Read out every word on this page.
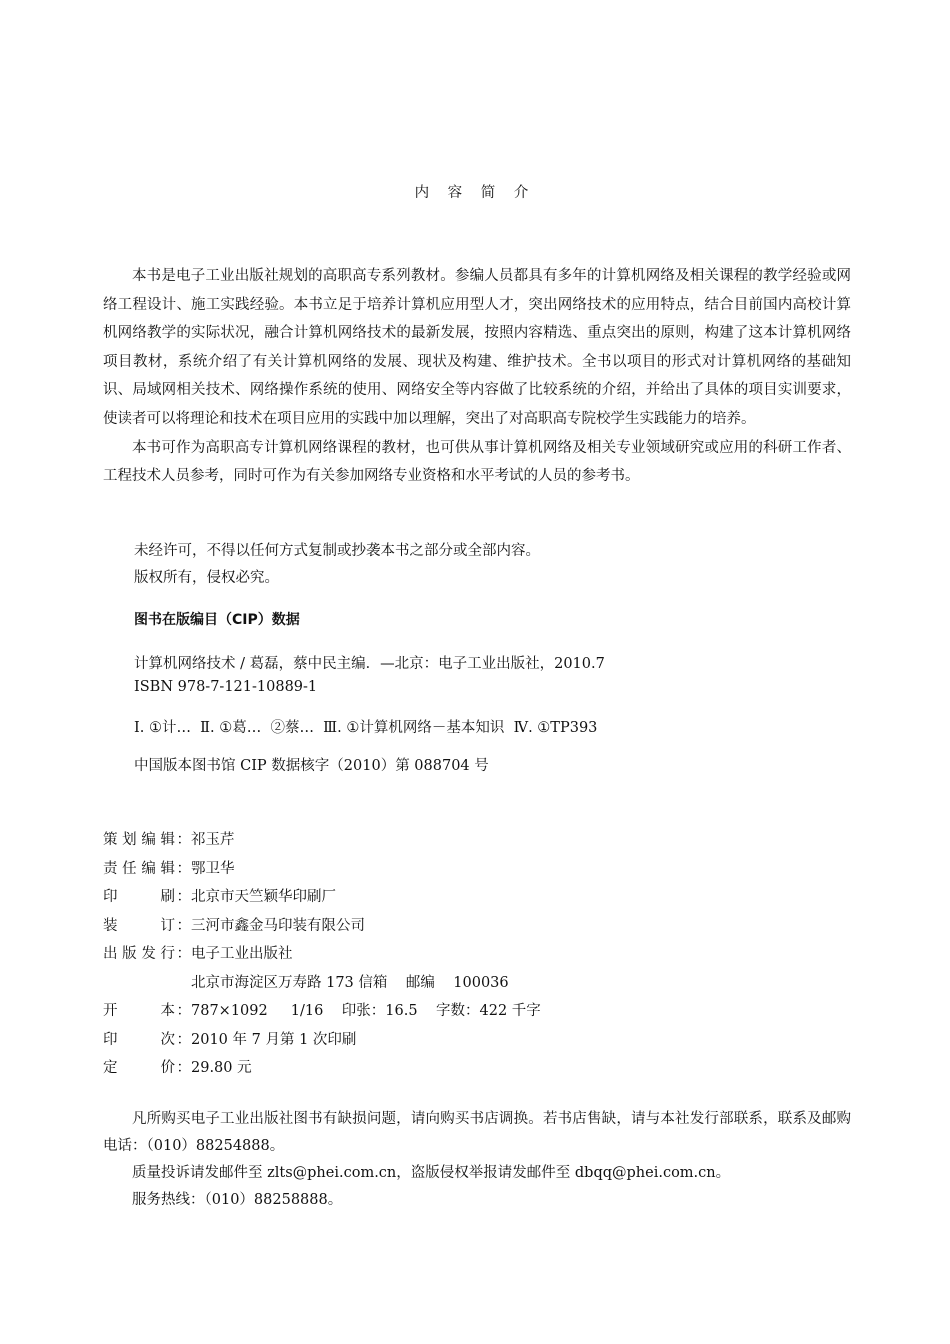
内 容 简 介

本书是电子工业出版社规划的高职高专系列教材。参编人员都具有多年的计算机网络及相关课程的教学经验或网络工程设计、施工实践经验。本书立足于培养计算机应用型人才，突出网络技术的应用特点，结合目前国内高校计算机网络教学的实际状况，融合计算机网络技术的最新发展，按照内容精选、重点突出的原则，构建了这本计算机网络项目教材，系统介绍了有关计算机网络的发展、现状及构建、维护技术。全书以项目的形式对计算机网络的基础知识、局域网相关技术、网络操作系统的使用、网络安全等内容做了比较系统的介绍，并给出了具体的项目实训要求，使读者可以将理论和技术在项目应用的实践中加以理解，突出了对高职高专院校学生实践能力的培养。

本书可作为高职高专计算机网络课程的教材，也可供从事计算机网络及相关专业领域研究或应用的科研工作者、工程技术人员参考，同时可作为有关参加网络专业资格和水平考试的人员的参考书。

未经许可，不得以任何方式复制或抄袭本书之部分或全部内容。
版权所有，侵权必究。
图书在版编目（CIP）数据
计算机网络技术 / 葛磊，蔡中民主编．—北京：电子工业出版社，2010.7
ISBN 978-7-121-10889-1
Ⅰ. ①计…  Ⅱ. ①葛…  ②蔡…  Ⅲ. ①计算机网络－基本知识  Ⅳ. ①TP393
中国版本图书馆 CIP 数据核字（2010）第 088704 号
策 划 编 辑 ： 祁玉芹
责 任 编 辑 ： 鄂卫华
印	刷 ： 北京市天竺颖华印刷厂
装	订 ： 三河市鑫金马印装有限公司
出 版 发 行 ： 电子工业出版社
北京市海淀区万寿路 173 信箱    邮编    100036
开	本 ： 787×1092     1/16    印张：16.5    字数：422 千字
印	次 ： 2010 年 7 月第 1 次印刷
定	价 ： 29.80 元

凡所购买电子工业出版社图书有缺损问题，请向购买书店调换。若书店售缺，请与本社发行部联系，联系及邮购电话：（010）88254888。

质量投诉请发邮件至 zlts@phei.com.cn，盗版侵权举报请发邮件至 dbqq@phei.com.cn。

服务热线：（010）88258888。
